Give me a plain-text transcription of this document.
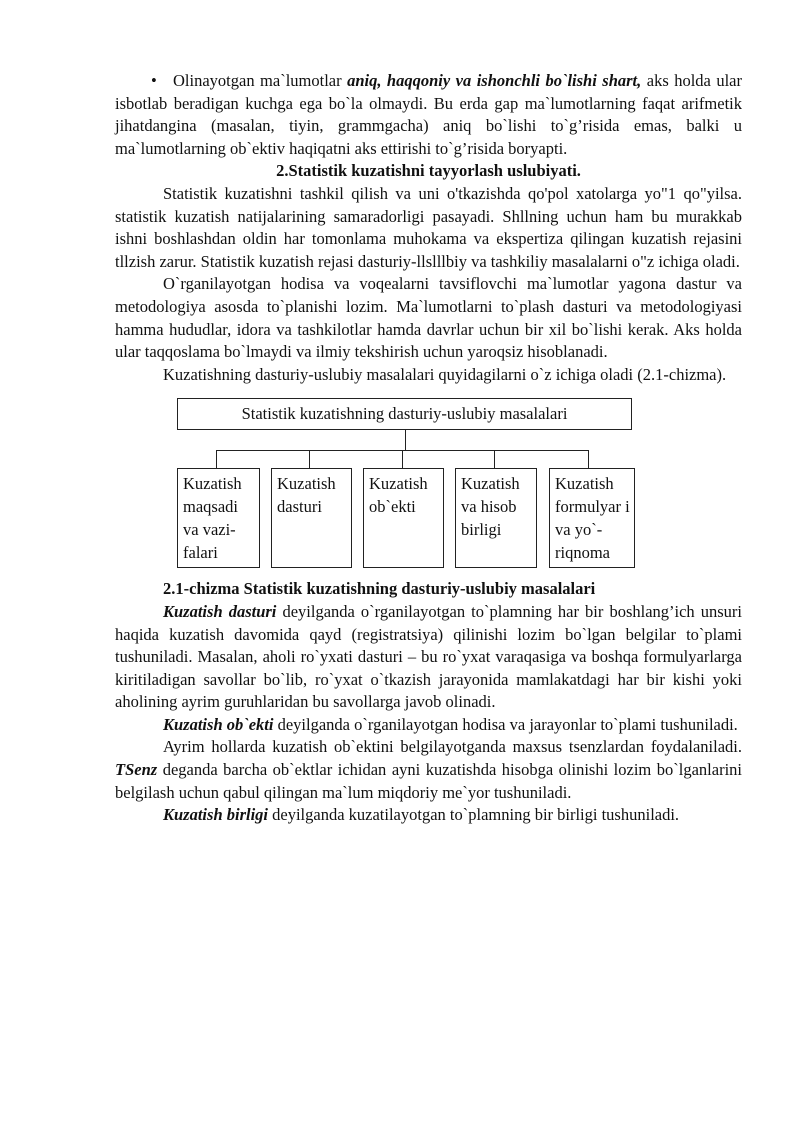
• Olinayotgan ma`lumotlar aniq, haqqoniy va ishonchli bo`lishi shart, aks holda ular isbotlab beradigan kuchga ega bo`la olmaydi. Bu erda gap ma`lumotlarning faqat arifmetik jihatdangina (masalan, tiyin, grammgacha) aniq bo`lishi to`g’risida emas, balki u ma`lumotlarning ob`ektiv haqiqatni aks ettirishi to`g’risida boryapti.

2.Statistik kuzatishni tayyorlash uslubiyati.

Statistik kuzatishni tashkil qilish va uni o'tkazishda qo'pol xatolarga yo"1 qo"yilsa. statistik kuzatish natijalarining samaradorligi pasayadi. Shllning uchun ham bu murakkab ishni boshlashdan oldin har tomonlama muhokama va ekspertiza qilingan kuzatish rejasini tllzish zarur. Statistik kuzatish rejasi dasturiy-llslllbiy va tashkiliy masalalarni o"z ichiga oladi.

O`rganilayotgan hodisa va voqealarni tavsiflovchi ma`lumotlar yagona dastur va metodologiya asosda to`planishi lozim. Ma`lumotlarni to`plash dasturi va metodologiyasi hamma hududlar, idora va tashkilotlar hamda davrlar uchun bir xil bo`lishi kerak. Aks holda ular taqqoslama bo`lmaydi va ilmiy tekshirish uchun yaroqsiz hisoblanadi.

Kuzatishning dasturiy-uslubiy masalalari quyidagilarni o`z ichiga oladi (2.1-chizma).

Statistik kuzatishning dasturiy-uslubiy masalalari
Kuzatish maqsadi va vazi-falari
Kuzatish dasturi
Kuzatish ob`ekti
Kuzatish va hisob birligi
Kuzatish formulyar i va yo`-riqnoma

2.1-chizma Statistik kuzatishning dasturiy-uslubiy masalalari

Kuzatish dasturi deyilganda o`rganilayotgan to`plamning har bir boshlang’ich unsuri haqida kuzatish davomida qayd (registratsiya) qilinishi lozim bo`lgan belgilar to`plami tushuniladi. Masalan, aholi ro`yxati dasturi – bu ro`yxat varaqasiga va boshqa formulyarlarga kiritiladigan savollar bo`lib, ro`yxat o`tkazish jarayonida mamlakatdagi har bir kishi yoki aholining ayrim guruhlaridan bu savollarga javob olinadi.

Kuzatish ob`ekti deyilganda o`rganilayotgan hodisa va jarayonlar to`plami tushuniladi.

Ayrim hollarda kuzatish ob`ektini belgilayotganda maxsus tsenzlardan foydalaniladi. TSenz deganda barcha ob`ektlar ichidan ayni kuzatishda hisobga olinishi lozim bo`lganlarini belgilash uchun qabul qilingan ma`lum miqdoriy me`yor tushuniladi.

Kuzatish birligi deyilganda kuzatilayotgan to`plamning bir birligi tushuniladi.
